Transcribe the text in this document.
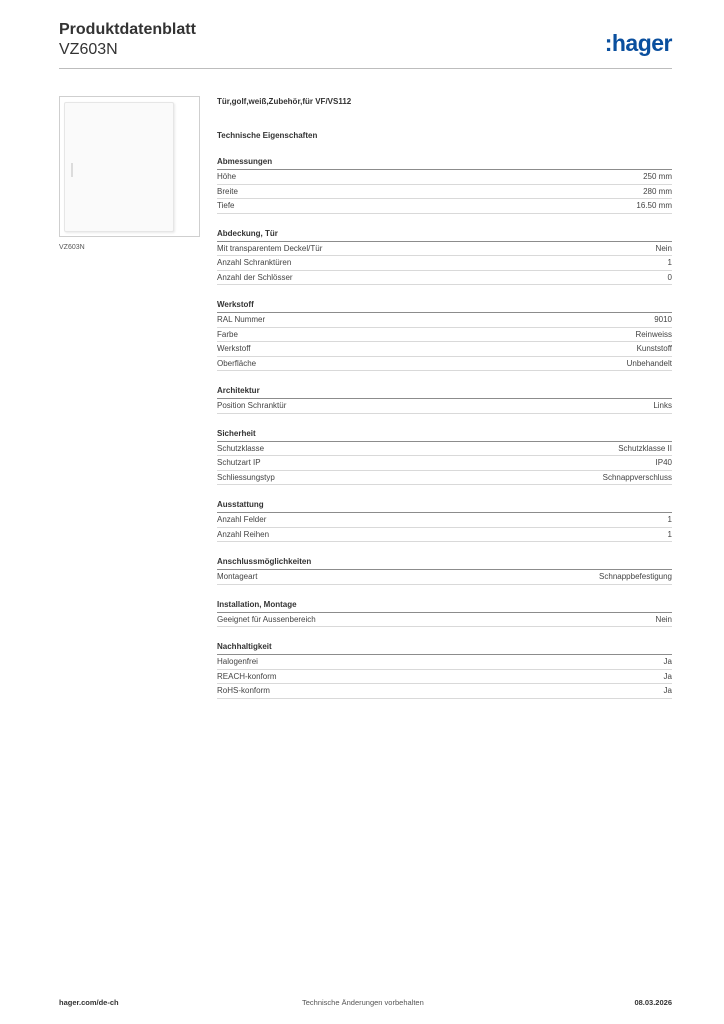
Produktdatenblatt
VZ603N	:hager
VZ603N
Tür,golf,weiß,Zubehör,für VF/VS112
Technische Eigenschaften
Abmessungen
Höhe	250 mm
Breite	280 mm
Tiefe	16.50 mm
Abdeckung, Tür
Mit transparentem Deckel/Tür	Nein
Anzahl Schranktüren	1
Anzahl der Schlösser	0
Werkstoff
RAL Nummer	9010
Farbe	Reinweiss
Werkstoff	Kunststoff
Oberfläche	Unbehandelt
Architektur
Position Schranktür	Links
Sicherheit
Schutzklasse	Schutzklasse II
Schutzart IP	IP40
Schliessungstyp	Schnappverschluss
Ausstattung
Anzahl Felder	1
Anzahl Reihen	1
Anschlussmöglichkeiten
Montageart	Schnappbefestigung
Installation, Montage
Geeignet für Aussenbereich	Nein
Nachhaltigkeit
Halogenfrei	Ja
REACH-konform	Ja
RoHS-konform	Ja
hager.com/de-ch	Technische Änderungen vorbehalten	08.03.2026
